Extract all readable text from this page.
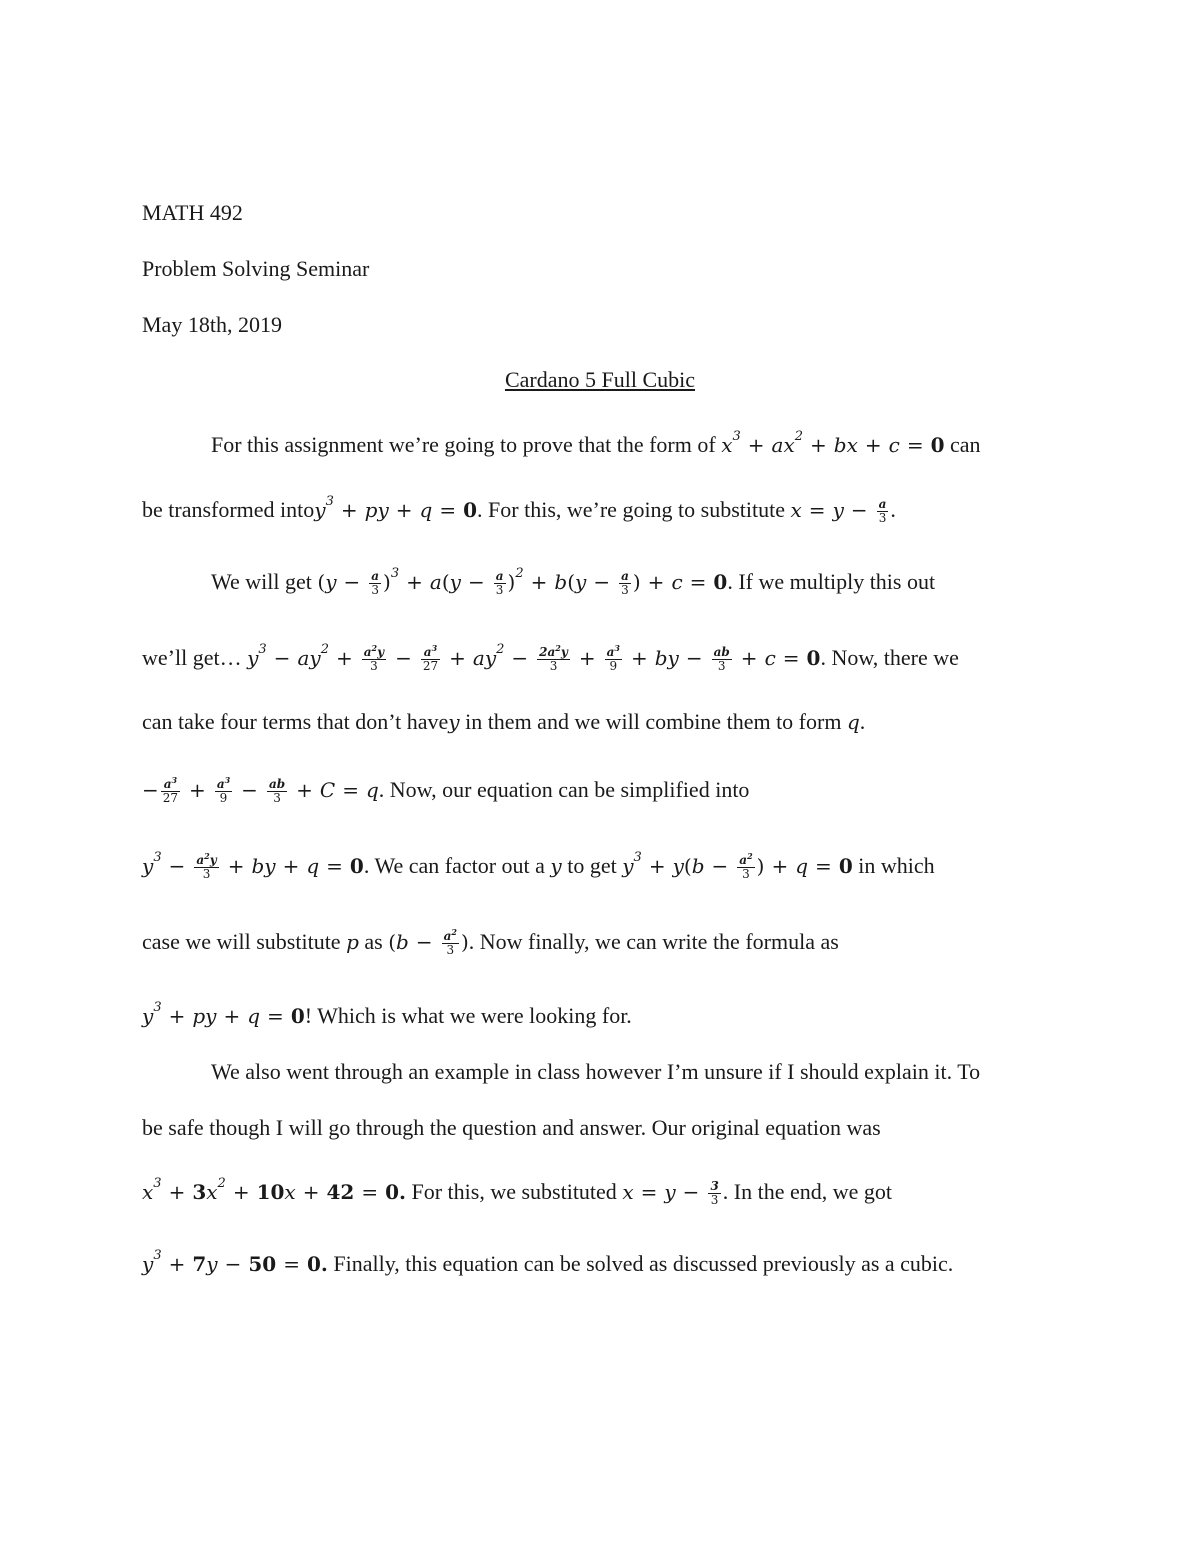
MATH 492
Problem Solving Seminar
May 18th, 2019
Cardano 5 Full Cubic
For this assignment we’re going to prove that the form of $x^3 + ax^2$ + bx + c = 0 can
be transformed intoy$^3$ + py + q = 0. For this, we’re going to substitute $x = y - \frac{a}{3}$ .
We will get $(y - \frac{a}{3} )^3 + a(y - \frac{a}{3} )^2 + b(y - \frac{a}{3}$ ) + c = 0. If we multiply this out
we’ll get… $y^3 - ay^2 + \frac{a^2y}{3} - \frac{a^3}{27} + ay^2 - \frac{2a^2y}{3} + \frac{a^3}{9}$ + by − $\frac{ab}{3} + c = 0$. Now, there we
can take four terms that don’t havey in them and we will combine them to form q.
− $\frac{a^3}{27} + \frac{a^3}{9} - \frac{ab}{3} + C = q$. Now, our equation can be simplified into
$y^3 - \frac{a^2y}{3}$ + by + q = 0. We can factor out a y to get $y^3 + y(b - \frac{a^2}{3}$ ) + q = 0 in which
case we will substitute p as ($b - \frac{a^2}{3}$ ). Now finally, we can write the formula as
$y^3$ + py + q = 0! Which is what we were looking for.
We also went through an example in class however I’m unsure if I should explain it. To
be safe though I will go through the question and answer. Our original equation was
$x^3 + 3x^2 + 10x + 42 = 0$. For this, we substituted $x = y - \frac{3}{3}$ . In the end, we got
$y^3 + 7y - 50 = 0$. Finally, this equation can be solved as discussed previously as a cubic.
